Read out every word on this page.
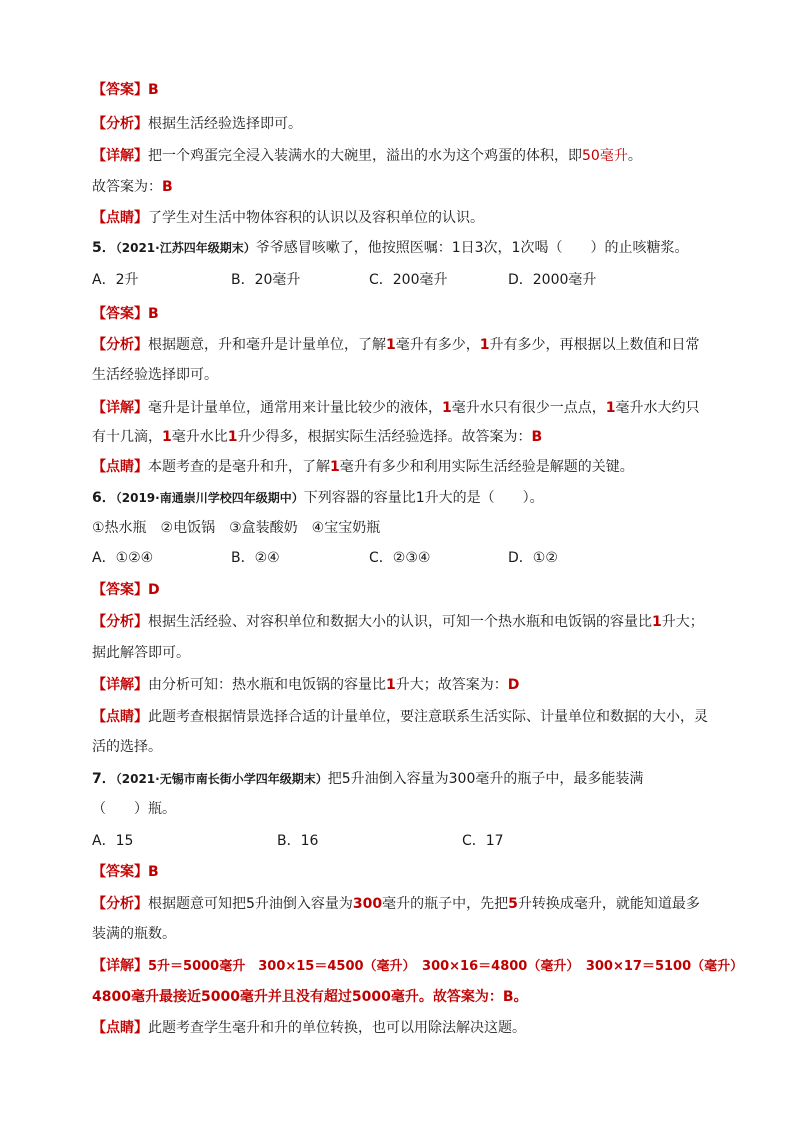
【答案】B
【分析】根据生活经验选择即可。
【详解】把一个鸡蛋完全浸入装满水的大碗里，溢出的水为这个鸡蛋的体积，即50毫升。
故答案为：B
【点睛】了学生对生活中物体容积的认识以及容积单位的认识。
5．（2021·江苏四年级期末）爷爷感冒咳嗽了，他按照医嘱：1日3次，1次喝（　　）的止咳糖浆。
A．2升	B．20毫升	C．200毫升	D．2000毫升
【答案】B
【分析】根据题意，升和毫升是计量单位，了解1毫升有多少，1升有多少，再根据以上数值和日常
生活经验选择即可。
【详解】毫升是计量单位，通常用来计量比较少的液体，1毫升水只有很少一点点，1毫升水大约只
有十几滴，1毫升水比1升少得多，根据实际生活经验选择。故答案为：B
【点睛】本题考查的是毫升和升，了解1毫升有多少和利用实际生活经验是解题的关键。
6．（2019·南通崇川学校四年级期中）下列容器的容量比1升大的是（　　）。
①热水瓶　②电饭锅　③盒装酸奶　④宝宝奶瓶
A．①②④	B．②④	C．②③④	D．①②
【答案】D
【分析】根据生活经验、对容积单位和数据大小的认识，可知一个热水瓶和电饭锅的容量比1升大；
据此解答即可。
【详解】由分析可知：热水瓶和电饭锅的容量比1升大；故答案为：D
【点睛】此题考查根据情景选择合适的计量单位，要注意联系生活实际、计量单位和数据的大小，灵
活的选择。
7．（2021·无锡市南长街小学四年级期末）把5升油倒入容量为300毫升的瓶子中，最多能装满
（　　）瓶。
A．15	B．16	C．17
【答案】B
【分析】根据题意可知把5升油倒入容量为300毫升的瓶子中，先把5升转换成毫升，就能知道最多
装满的瓶数。
【详解】5升＝5000毫升　300×15＝4500（毫升）　300×16＝4800（毫升）　300×17＝5100（毫升）
4800毫升最接近5000毫升并且没有超过5000毫升。故答案为：B。
【点睛】此题考查学生毫升和升的单位转换，也可以用除法解决这题。
